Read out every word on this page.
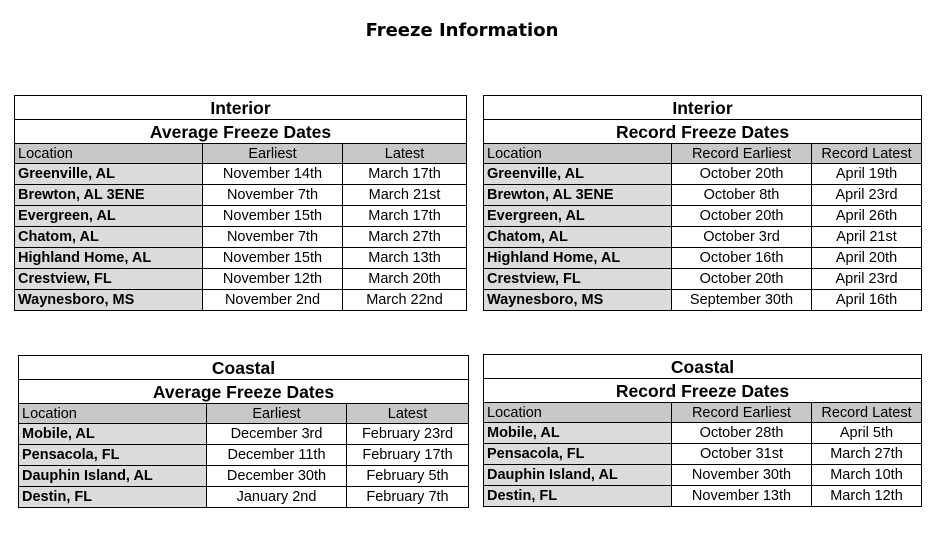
Freeze Information
Interior		
Average Freeze Dates		
Location	Earliest	Latest
Greenville, AL	November 14th	March 17th
Brewton, AL 3ENE	November 7th	March 21st
Evergreen, AL	November 15th	March 17th
Chatom, AL	November 7th	March 27th
Highland Home, AL	November 15th	March 13th
Crestview, FL	November 12th	March 20th
Waynesboro, MS	November 2nd	March 22nd
Interior		
Record Freeze Dates		
Location	Record Earliest	Record Latest
Greenville, AL	October 20th	April 19th
Brewton, AL 3ENE	October 8th	April 23rd
Evergreen, AL	October 20th	April 26th
Chatom, AL	October 3rd	April 21st
Highland Home, AL	October 16th	April 20th
Crestview, FL	October 20th	April 23rd
Waynesboro, MS	September 30th	April 16th
Coastal		
Average Freeze Dates		
Location	Earliest	Latest
Mobile, AL	December 3rd	February 23rd
Pensacola, FL	December 11th	February 17th
Dauphin Island, AL	December 30th	February 5th
Destin, FL	January 2nd	February 7th
Coastal		
Record Freeze Dates		
Location	Record Earliest	Record Latest
Mobile, AL	October 28th	April 5th
Pensacola, FL	October 31st	March 27th
Dauphin Island, AL	November 30th	March 10th
Destin, FL	November 13th	March 12th
